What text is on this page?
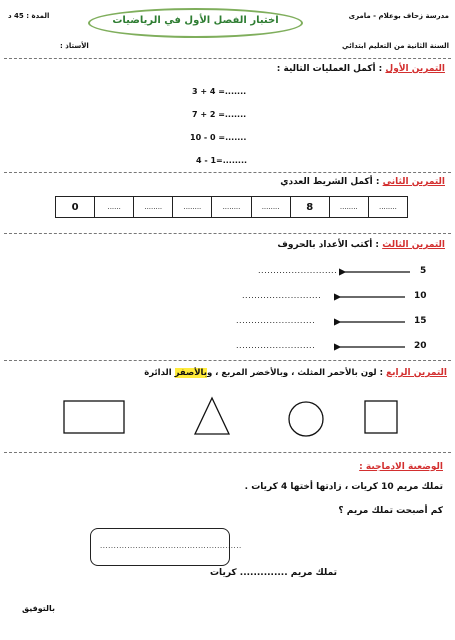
مدرسة زحاف بوعلام - مامرى
المدة : 45 د	اختبار الفصل الأول في الرياضيات
السنة الثانية من التعليم ابتدائي
الأستاذ :
التمرين الأول : أكمل العمليات التالية :
3 + 4 =.......
7 + 2 =.......
10 - 0 =.......
4 - 1=........
التمرين الثاني : أكمل الشريط العددي
0	......	........	........	........	........	8	........	........
التمرين الثالث : أكتب الأعداد بالحروف
5
10
15
20
..........................
..........................
..........................
..........................
التمرين الرابع : لون بالأحمر المثلث ، وبالأخضر المربع ، وبالأصفر الدائرة
الوضعية الادماجية :
تملك مريم 10 كريات ، زادتها أختها 4 كريات .
كم أصبحت تملك مريم ؟
....................................................
تملك مريم .............. كريات
بالتوفيق
